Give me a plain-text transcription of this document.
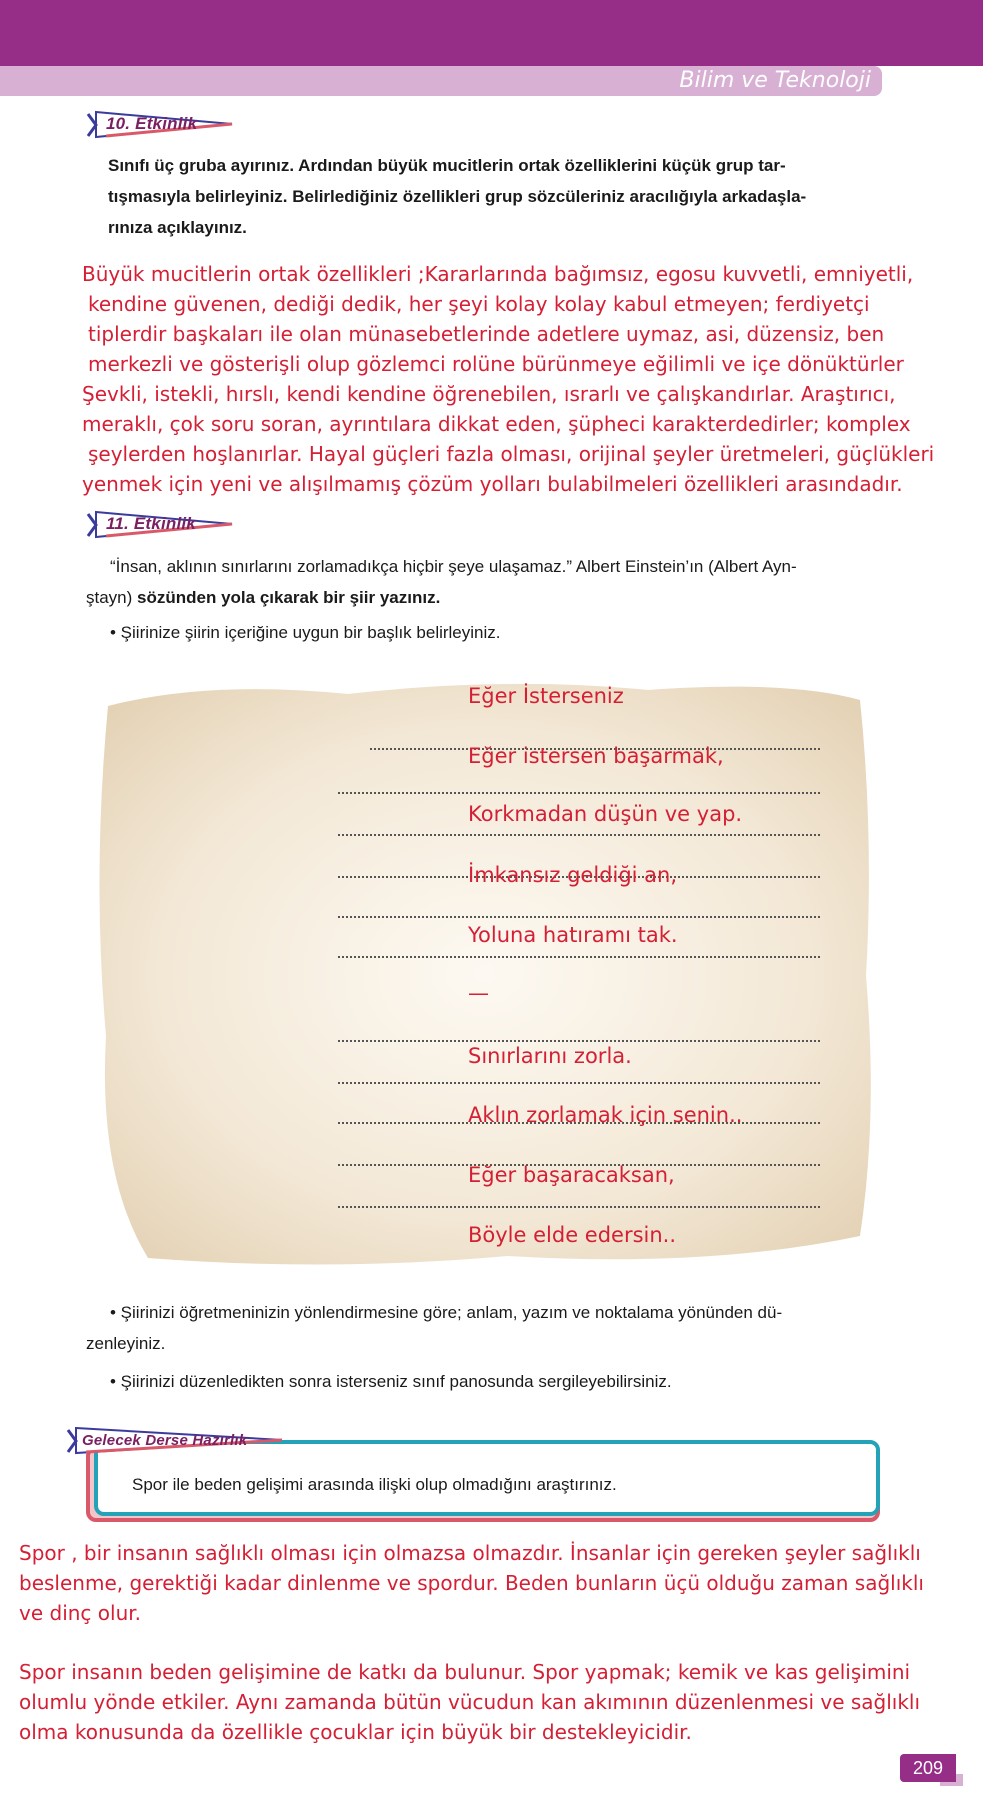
Bilim ve Teknoloji
10. Etkinlik
Sınıfı üç gruba ayırınız. Ardından büyük mucitlerin ortak özelliklerini küçük grup tar-
tışmasıyla belirleyiniz. Belirlediğiniz özellikleri grup sözcüleriniz aracılığıyla arkadaşla-
rınıza açıklayınız.
Büyük mucitlerin ortak özellikleri ;Kararlarında bağımsız, egosu kuvvetli, emniyetli,
kendine güvenen, dediği dedik, her şeyi kolay kolay kabul etmeyen; ferdiyetçi
tiplerdir başkaları ile olan münasebetlerinde adetlere uymaz, asi, düzensiz, ben
merkezli ve gösterişli olup gözlemci rolüne bürünmeye eğilimli ve içe dönüktürler
Şevkli, istekli, hırslı, kendi kendine öğrenebilen, ısrarlı ve çalışkandırlar. Araştırıcı,
meraklı, çok soru soran, ayrıntılara dikkat eden, şüpheci karakterdedirler; komplex
şeylerden hoşlanırlar. Hayal güçleri fazla olması, orijinal şeyler üretmeleri, güçlükleri
yenmek için yeni ve alışılmamış çözüm yolları bulabilmeleri özellikleri arasındadır.
11. Etkinlik
“İnsan, aklının sınırlarını zorlamadıkça hiçbir şeye ulaşamaz.” Albert Einstein’ın (Albert Ayn-
ştayn) sözünden yola çıkarak bir şiir yazınız.
• Şiirinize şiirin içeriğine uygun bir başlık belirleyiniz.
Eğer İsterseniz
Eğer istersen başarmak,
Korkmadan düşün ve yap.
İmkansız geldiği an,
Yoluna hatıramı tak.
—
Sınırlarını zorla.
Aklın zorlamak için senin..
Eğer başaracaksan,
Böyle elde edersin..
• Şiirinizi öğretmeninizin yönlendirmesine göre; anlam, yazım ve noktalama yönünden dü-
zenleyiniz.
• Şiirinizi düzenledikten sonra isterseniz sınıf panosunda sergileyebilirsiniz.
Gelecek Derse Hazırlık
Spor ile beden gelişimi arasında ilişki olup olmadığını araştırınız.
Spor , bir insanın sağlıklı olması için olmazsa olmazdır. İnsanlar için gereken şeyler sağlıklı
beslenme, gerektiği kadar dinlenme ve spordur. Beden bunların üçü olduğu zaman sağlıklı
ve dinç olur.
Spor insanın beden gelişimine de katkı da bulunur. Spor yapmak; kemik ve kas gelişimini
olumlu yönde etkiler. Aynı zamanda bütün vücudun kan akımının düzenlenmesi ve sağlıklı
olma konusunda da özellikle çocuklar için büyük bir destekleyicidir.
209
